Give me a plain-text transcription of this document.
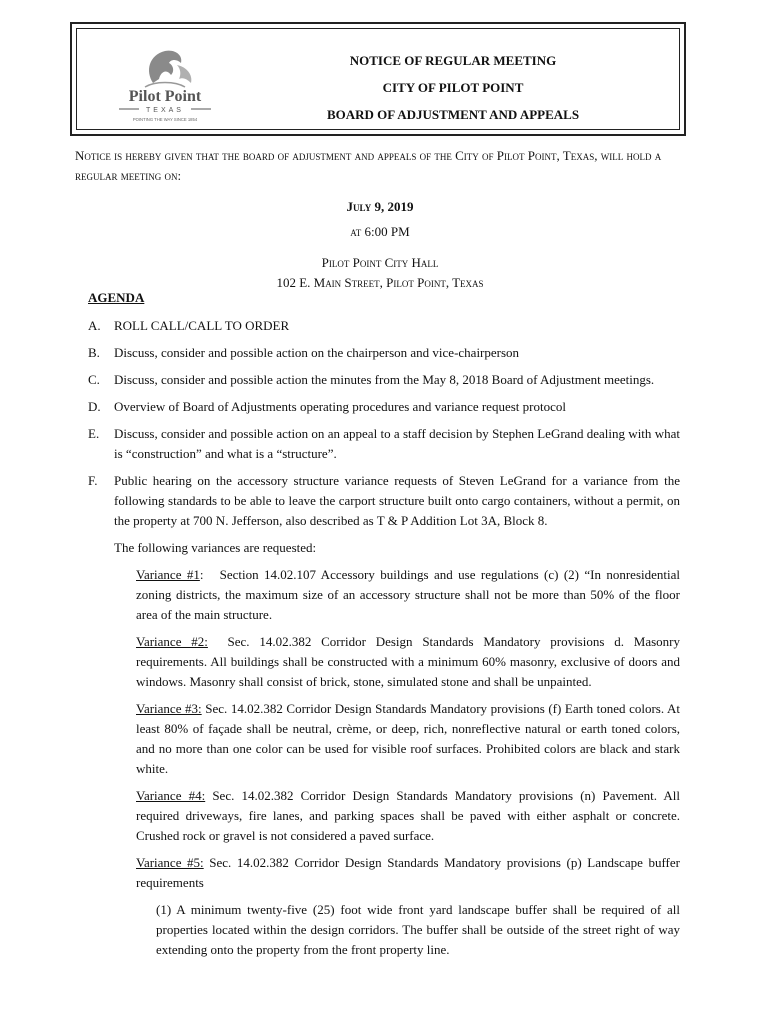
Pilot Point
TEXAS
POINTING THE WAY SINCE 1854
NOTICE OF REGULAR MEETING
CITY OF PILOT POINT
BOARD OF ADJUSTMENT AND APPEALS
Notice is hereby given that the board of adjustment and appeals of the City of Pilot Point, Texas, will hold a regular meeting on:
July 9, 2019
at 6:00 PM
Pilot Point City Hall
102 E. Main Street, Pilot Point, Texas
AGENDA
A. ROLL CALL/CALL TO ORDER
B. Discuss, consider and possible action on the chairperson and vice-chairperson
C. Discuss, consider and possible action the minutes from the May 8, 2018 Board of Adjustment meetings.
D. Overview of Board of Adjustments operating procedures and variance request protocol
E. Discuss, consider and possible action on an appeal to a staff decision by Stephen LeGrand dealing with what is “construction” and what is a “structure”.
F. Public hearing on the accessory structure variance requests of Steven LeGrand for a variance from the following standards to be able to leave the carport structure built onto cargo containers, without a permit, on the property at 700 N. Jefferson, also described as T & P Addition Lot 3A, Block 8.

The following variances are requested:

Variance #1: Section 14.02.107 Accessory buildings and use regulations (c) (2) “In nonresidential zoning districts, the maximum size of an accessory structure shall not be more than 50% of the floor area of the main structure.

Variance #2: Sec. 14.02.382 Corridor Design Standards Mandatory provisions d. Masonry requirements. All buildings shall be constructed with a minimum 60% masonry, exclusive of doors and windows. Masonry shall consist of brick, stone, simulated stone and shall be unpainted.

Variance #3: Sec. 14.02.382 Corridor Design Standards Mandatory provisions (f) Earth toned colors. At least 80% of façade shall be neutral, crème, or deep, rich, nonreflective natural or earth toned colors, and no more than one color can be used for visible roof surfaces. Prohibited colors are black and stark white.

Variance #4: Sec. 14.02.382 Corridor Design Standards Mandatory provisions (n) Pavement. All required driveways, fire lanes, and parking spaces shall be paved with either asphalt or concrete. Crushed rock or gravel is not considered a paved surface.

Variance #5: Sec. 14.02.382 Corridor Design Standards Mandatory provisions (p) Landscape buffer requirements

(1) A minimum twenty-five (25) foot wide front yard landscape buffer shall be required of all properties located within the design corridors. The buffer shall be outside of the street right of way extending onto the property from the front property line.
